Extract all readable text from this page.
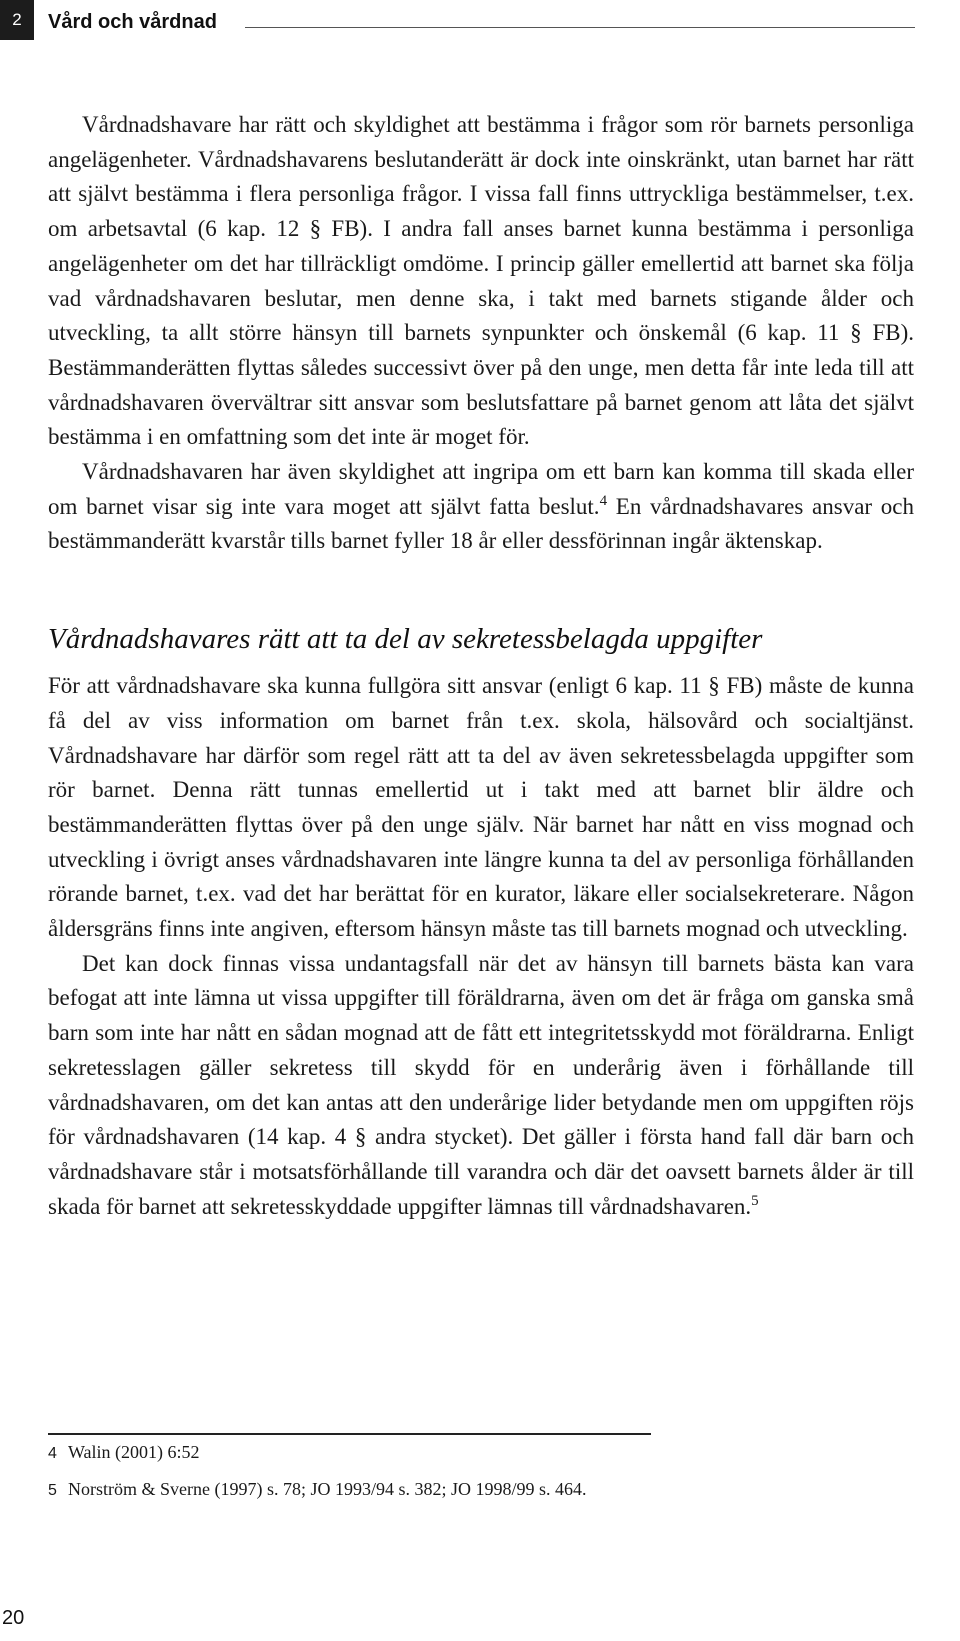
2	Vård och vårdnad

Vårdnadshavare har rätt och skyldighet att bestämma i frågor som rör barnets personliga angelägenheter. Vårdnadshavarens beslutanderätt är dock inte oinskränkt, utan barnet har rätt att självt bestämma i flera personliga frågor. I vissa fall finns uttryckliga bestämmelser, t.ex. om arbetsavtal (6 kap. 12 § FB). I andra fall anses barnet kunna bestämma i personliga angelägenheter om det har tillräckligt omdöme. I princip gäller emellertid att barnet ska följa vad vårdnadshavaren beslutar, men denne ska, i takt med barnets stigande ålder och utveckling, ta allt större hänsyn till barnets synpunkter och önskemål (6 kap. 11 § FB). Bestämmanderätten flyttas således successivt över på den unge, men detta får inte leda till att vårdnadshavaren övervältrar sitt ansvar som beslutsfattare på barnet genom att låta det självt bestämma i en omfattning som det inte är moget för.

Vårdnadshavaren har även skyldighet att ingripa om ett barn kan komma till skada eller om barnet visar sig inte vara moget att självt fatta beslut.$^4$ En vårdnadshavares ansvar och bestämmanderätt kvarstår tills barnet fyller 18 år eller dessförinnan ingår äktenskap.

Vårdnadshavares rätt att ta del av sekretessbelagda uppgifter

För att vårdnadshavare ska kunna fullgöra sitt ansvar (enligt 6 kap. 11 § FB) måste de kunna få del av viss information om barnet från t.ex. skola, hälsovård och socialtjänst. Vårdnadshavare har därför som regel rätt att ta del av även sekretessbelagda uppgifter som rör barnet. Denna rätt tunnas emellertid ut i takt med att barnet blir äldre och bestämmanderätten flyttas över på den unge själv. När barnet har nått en viss mognad och utveckling i övrigt anses vårdnadshavaren inte längre kunna ta del av personliga förhållanden rörande barnet, t.ex. vad det har berättat för en kurator, läkare eller socialsekreterare. Någon åldersgräns finns inte angiven, eftersom hänsyn måste tas till barnets mognad och utveckling.

Det kan dock finnas vissa undantagsfall när det av hänsyn till barnets bästa kan vara befogat att inte lämna ut vissa uppgifter till föräldrarna, även om det är fråga om ganska små barn som inte har nått en sådan mognad att de fått ett integritetsskydd mot föräldrarna. Enligt sekretesslagen gäller sekretess till skydd för en underårig även i förhållande till vårdnadshavaren, om det kan antas att den underårige lider betydande men om uppgiften röjs för vårdnadshavaren (14 kap. 4 § andra stycket). Det gäller i första hand fall där barn och vårdnadshavare står i motsatsförhållande till varandra och där det oavsett barnets ålder är till skada för barnet att sekretesskyddade uppgifter lämnas till vårdnadshavaren.$^5$

4 Walin (2001) 6:52
5 Norström & Sverne (1997) s. 78; JO 1993/94 s. 382; JO 1998/99 s. 464.
20
